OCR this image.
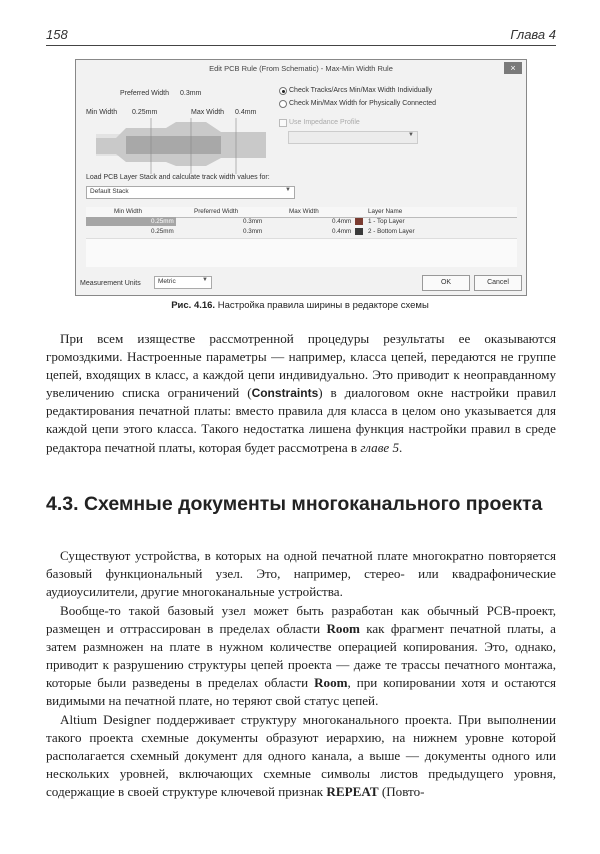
158	Глава 4
Edit PCB Rule (From Schematic) - Max-Min Width Rule	×
Preferred Width 0.3mm
Min Width 0.25mm	Max Width 0.4mm
Check Tracks/Arcs Min/Max Width Individually
Check Min/Max Width for Physically Connected
Use Impedance Profile
▼
Load PCB Layer Stack and calculate track width values for:
Default Stack	▼
Min Width	Preferred Width	Max Width	Layer Name
0.25mm	0.3mm	0.4mm	1 - Top Layer
0.25mm	0.3mm	0.4mm	2 - Bottom Layer
Measurement Units	Metric	▼	OK	Cancel
Рис. 4.16. Настройка правила ширины в редакторе схемы
При всем изяществе рассмотренной процедуры результаты ее оказываются громоздкими. Настроенные параметры — например, класса цепей, передаются не группе цепей, входящих в класс, а каждой цепи индивидуально. Это приводит к неоправданному увеличению списка ограничений (Constraints) в диалоговом окне настройки правил редактирования печатной платы: вместо правила для класса в целом оно указывается для каждой цепи этого класса. Такого недостатка лишена функция настройки правил в среде редактора печатной платы, которая будет рассмотрена в главе 5.
4.3. Схемные документы многоканального проекта
Существуют устройства, в которых на одной печатной плате многократно повторяется базовый функциональный узел. Это, например, стерео- или квадрафонические аудиоусилители, другие многоканальные устройства.
Вообще-то такой базовый узел может быть разработан как обычный PCB-проект, размещен и оттрассирован в пределах области Room как фрагмент печатной платы, а затем размножен на плате в нужном количестве операцией копирования. Это, однако, приводит к разрушению структуры цепей проекта — даже те трассы печатного монтажа, которые были разведены в пределах области Room, при копировании хотя и остаются видимыми на печатной плате, но теряют свой статус цепей.
Altium Designer поддерживает структуру многоканального проекта. При выполнении такого проекта схемные документы образуют иерархию, на нижнем уровне которой располагается схемный документ для одного канала, а выше — документы одного или нескольких уровней, включающих схемные символы листов предыдущего уровня, содержащие в своей структуре ключевой признак REPEAT (Повто-
